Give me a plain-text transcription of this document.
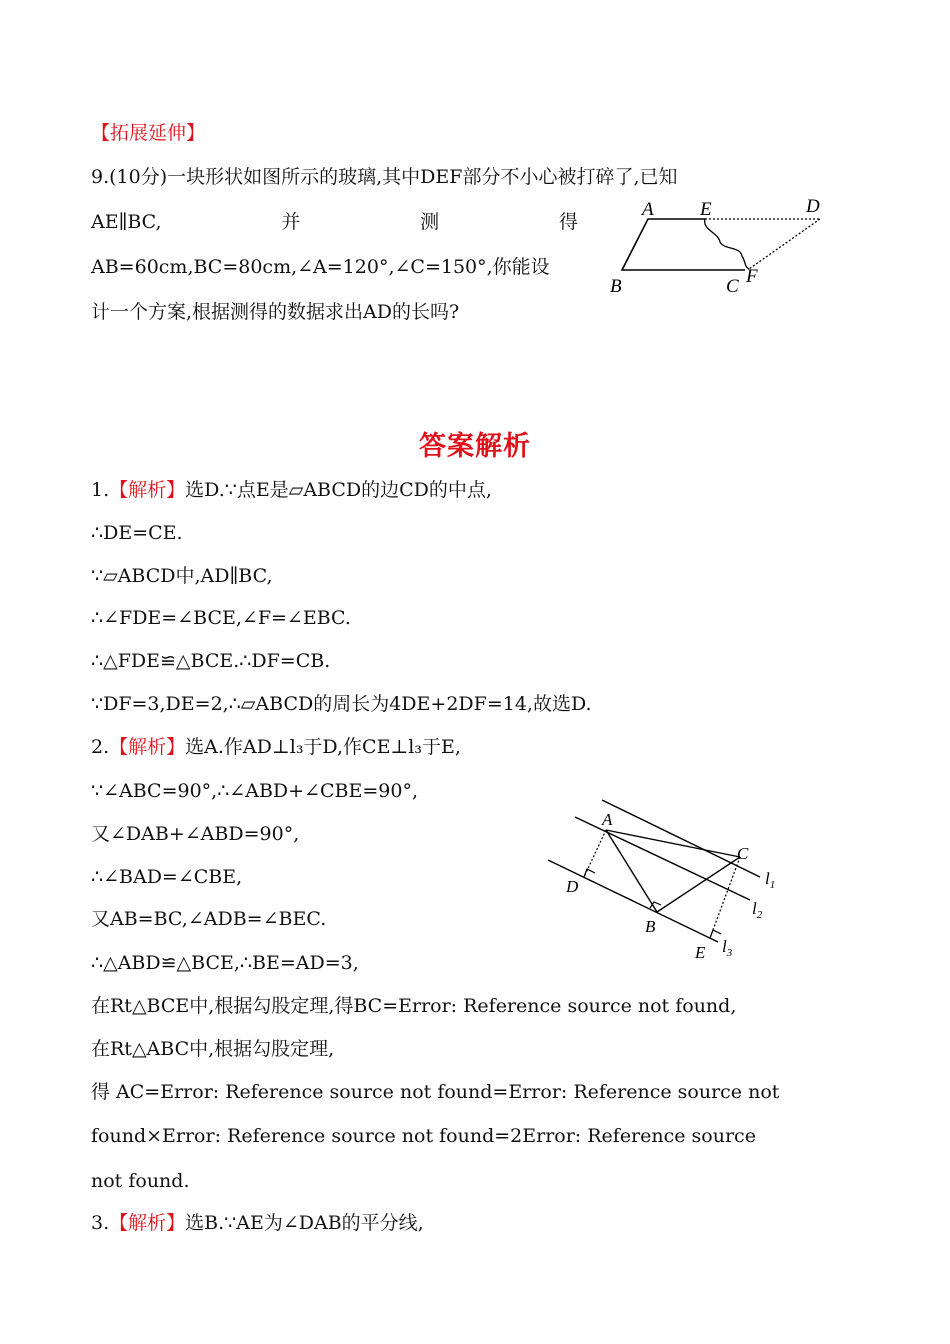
【拓展延伸】
9.(10分)一块形状如图所示的玻璃,其中DEF部分不小心被打碎了,已知
AE∥BC,	并	测	得
AB=60cm,BC=80cm,∠A=120°,∠C=150°,你能设
计一个方案,根据测得的数据求出AD的长吗?
A E	D
B	C F
答案解析
1.【解析】选D.∵点E是▱ABCD的边CD的中点,
∴DE=CE.
∵▱ABCD中,AD∥BC,
∴∠FDE=∠BCE,∠F=∠EBC.
∴△FDE≌△BCE.∴DF=CB.
∵DF=3,DE=2,∴▱ABCD的周长为4DE+2DF=14,故选D.
2.【解析】选A.作AD⊥l₃于D,作CE⊥l₃于E,
∵∠ABC=90°,∴∠ABD+∠CBE=90°,
又∠DAB+∠ABD=90°,
∴∠BAD=∠CBE,
又AB=BC,∠ADB=∠BEC.
∴△ABD≌△BCE,∴BE=AD=3,
在Rt△BCE中,根据勾股定理,得BC=Error: Reference source not found,
在Rt△ABC中,根据勾股定理,
得 AC=Error: Reference source not found=Error: Reference source not
found×Error: Reference source not found=2Error: Reference source
not found.
A
C
D
B
E
$l_1$
$l_2$
$l_3$
3.【解析】选B.∵AE为∠DAB的平分线,
